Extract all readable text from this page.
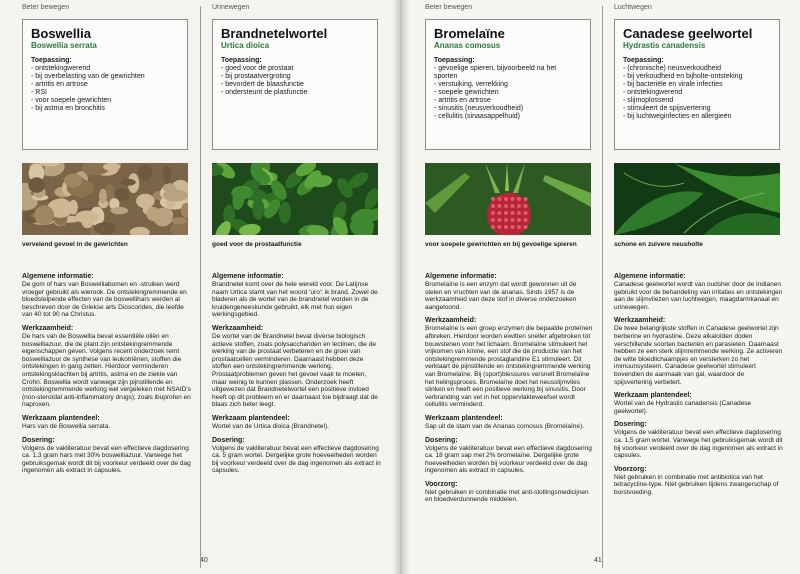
40	41
Beter bewegen
Boswellia
Boswellia serrata
Toepassing:
- ontstekingwerend
- bij overbelasting van de gewrichten
- artritis en artrose
- RSI
- voor soepele gewrichten
- bij astma en bronchitis
vervelend gevoel in de gewrichten
Algemene informatie:

De gom of hars van Boswelliabomen en -struiken werd vroeger gebruikt als wierook. De ontstekingremmende en bloedstelpende effecten van de boswellihars werden al beschreven door de Griekse arts Dioscorides, die leefde van 40 tot 90 na Christus.

Werkzaamheid:

De hars van de Boswellia bevat essentiële oliën en boswelliazuur, die de plant zijn ontstekingremmende eigenschappen geven. Volgens recent onderzoek remt boswelliazuur de synthese van leukotriënen, stoffen die ontstekingen in gang zetten. Hierdoor verminderen ontstekingsklachten bij artritis, astma en de ziekte van Crohn. Boswellia wordt vanwege zijn pijnstillende en ontstekingremmende werking wel vergeleken met NSAID's (non-steroïdal anti-inflammatory drugs), zoals ibuprofen en naproxen.

Werkzaam plantendeel:

Hars van de Boswellia serrata.

Dosering:

Volgens de vakliteratuur bevat een effectieve dagdosering ca. 1,3 gram hars met 30% boswelliazuur. Vanwege het gebruiksgemak wordt dit bij voorkeur verdeeld over de dag ingenomen als extract in capsules.

Urinewegen
Brandnetelwortel
Urtica dioica
Toepassing:
- goed voor de prostaat
- bij prostaatvergroting
- bevordert de blaasfunctie
- ondersteunt de plasfunctie
goed voor de prostaatfunctie
Algemene informatie:

Brandnetel komt over de hele wereld voor. De Latijnse naam Urtica stamt van het woord 'uro': ik brand. Zowel de bladeren als de wortel van de brandnetel worden in de kruidengeneeskunde gebruikt, elk met hun eigen werkingsgebied.

Werkzaamheid:

De wortel van de Brandnetel bevat diverse biologisch actieve stoffen, zoals polysacchariden en lectinen, die de werking van de prostaat verbeteren en de groei van prostaatcellen verminderen. Daarnaast hebben deze stoffen een ontstekingremmende werking. Prostaatproblemen geven het gevoel vaak te moeten, maar weinig te kunnen plassen. Onderzoek heeft uitgewezen dat Brandnetelwortel een positieve invloed heeft op dit probleem en er daarnaast toe bijdraagt dat de blaas zich beter leegt.

Werkzaam plantendeel:

Wortel van de Urtica dioica (Brandnetel).

Dosering:

Volgens de vakliteratuur bevat een effectieve dagdosering ca. 5 gram wortel. Dergelijke grote hoeveelheden worden bij voorkeur verdeeld over de dag ingenomen als extract in capsules.

Beter bewegen
Bromelaïne
Ananas comosus
Toepassing:
- gevoelige spieren, bijvoorbeeld na het
sporten
- verstuiking, verrekking
- soepele gewrichten
- artritis en artrose
- sinusitis (neusverkoudheid)
- cellulitis (sinaasappelhuid)
voor soepele gewrichten en bij gevoelige spieren
Algemene informatie:

Bromelaïne is een enzym dat wordt gewonnen uit de stelen en vruchten van de ananas. Sinds 1957 is de werkzaamheid van deze stof in diverse onderzoeken aangetoond.

Werkzaamheid:

Bromelaïne is een groep enzymen die bepaalde proteïnen afbreken. Hierdoor worden eiwitten sneller afgebroken tot bouwstenen voor het lichaam. Bromelaïne stimuleert het vrijkomen van kinine, een stof die de productie van het ontstekingremmende prostaglandine E1 stimuleert. Dit verklaart de pijnstillende en ontstekingremmende werking van Bromelaïne. Bij (sport)blessures versnelt Bromelaïne het helingsproces. Bromelaïne doet het neusslijmvlies slinken en heeft een positieve werking bij sinusitis. Door verbranding van vet in het oppervlakteweefsel wordt cellulitis verminderd.

Werkzaam plantendeel:

Sap uit de stam van de Ananas comosus (Bromelaïne).

Dosering:

Volgens de vakliteratuur bevat een effectieve dagdosering ca. 18 gram sap met 2% bromelaïne. Dergelijke grote hoeveelheden worden bij voorkeur verdeeld over de dag ingenomen als extract in capsules.

Voorzorg:

Niet gebruiken in combinatie met anti-stollingsmedicijnen en bloedverdunnende middelen.

Luchtwegen
Canadese geelwortel
Hydrastis canadensis
Toepassing:
- (chronische) neusverkoudheid
- bij verkoudheid en bijholte-ontsteking
- bij bacteriële en virale infecties
- ontstekingwerend
- slijmoplossend
- stimuleert de spijsvertering
- bij luchtweginfecties en allergieën
schone en zuivere neusholte
Algemene informatie:

Canadese geelwortel wordt van oudsher door de Indianen gebruikt voor de behandeling van irritaties en ontstekingen aan de slijmvliezen van luchtwegen, maagdarmkanaal en urinewegen.

Werkzaamheid:

De twee belangrijkste stoffen in Canadese geelwortel zijn berberine en hydrastine. Deze alkaloïden doden verschillende soorten bacteriën en parasieten. Daarnaast hebben ze een sterk slijmremmende werking. Ze activeren de witte bloedlichaampjes en versterken zo het immuunsysteem. Canadese geelwortel stimuleert bovendien de aanmaak van gal, waardoor de spijsvertering verbetert.

Werkzaam plantendeel:

Wortel van de Hydrastis canadensis (Canadese geelwortel).

Dosering:

Volgens de vakliteratuur bevat een effectieve dagdosering ca. 1,5 gram wortel. Vanwege het gebruiksgemak wordt dit bij voorkeur verdeeld over de dag ingenomen als extract in capsules.

Voorzorg:

Niet gebruiken in combinatie met antibiotica van het tetracycline-type. Niet gebruiken tijdens zwangerschap of borstvoeding.
